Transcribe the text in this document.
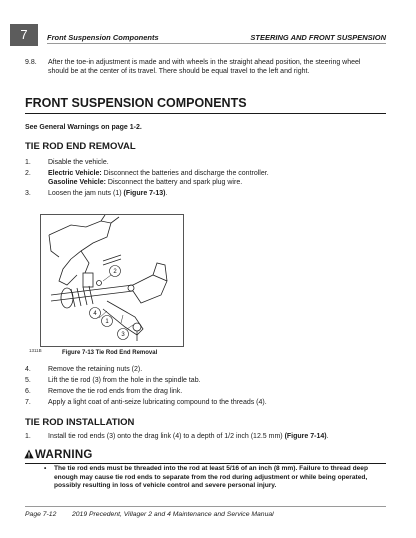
7	Front Suspension Components	STEERING AND FRONT SUSPENSION
9.8. After the toe-in adjustment is made and with wheels in the straight ahead position, the steering wheel should be at the center of its travel. There should be equal travel to the left and right.
FRONT SUSPENSION COMPONENTS
See General Warnings on page 1-2.
TIE ROD END REMOVAL
1. Disable the vehicle.
2. Electric Vehicle: Disconnect the batteries and discharge the controller.
Gasoline Vehicle: Disconnect the battery and spark plug wire.
3. Loosen the jam nuts (1) (Figure 7-13).
2
4
1
3
1311B	Figure 7-13 Tie Rod End Removal
4. Remove the retaining nuts (2).
5. Lift the tie rod (3) from the hole in the spindle tab.
6. Remove the tie rod ends from the drag link.
7. Apply a light coat of anti-seize lubricating compound to the threads (4).
TIE ROD INSTALLATION
1. Install tie rod ends (3) onto the drag link (4) to a depth of 1/2 inch (12.5 mm) (Figure 7-14).
WARNING
• The tie rod ends must be threaded into the rod at least 5/16 of an inch (8 mm). Failure to thread deep enough may cause tie rod ends to separate from the rod during adjustment or while being operated, possibly resulting in loss of vehicle control and severe personal injury.
Page 7-12 2019 Precedent, Villager 2 and 4 Maintenance and Service Manual
